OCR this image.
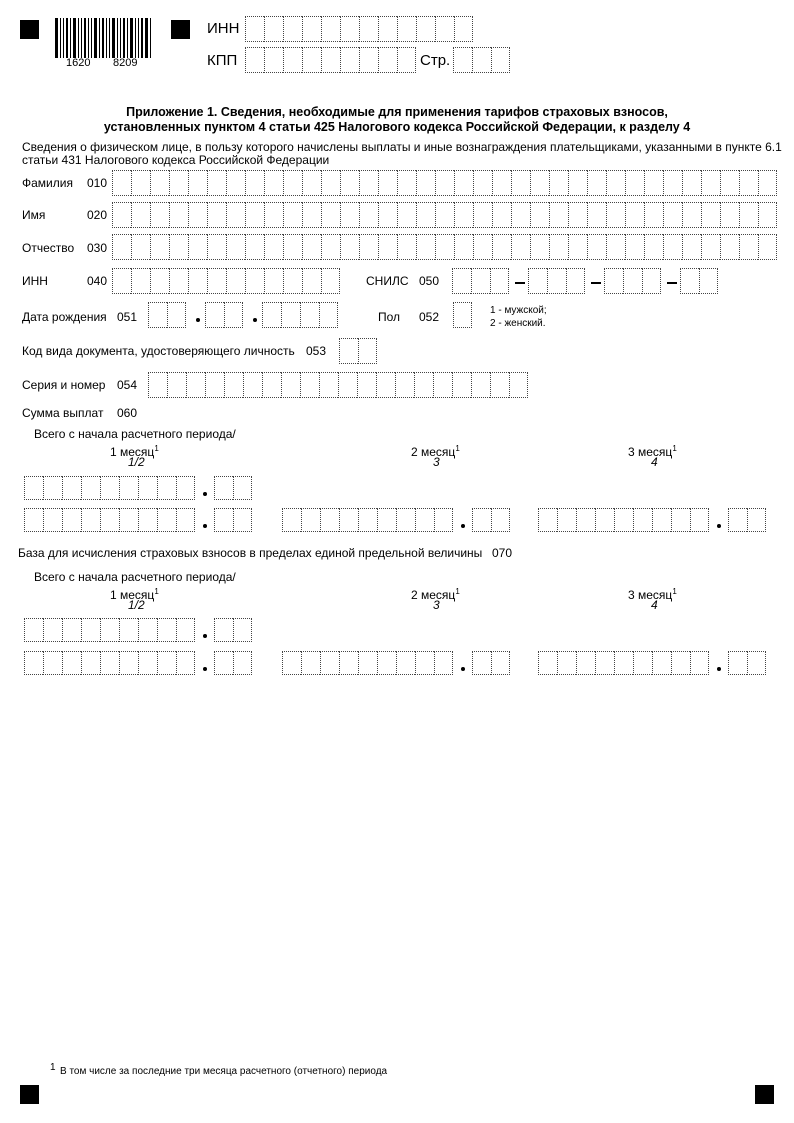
1620 8209
ИНН
КПП	Стр.
Приложение 1. Сведения, необходимые для применения тарифов страховых взносов,
установленных пунктом 4 статьи 425 Налогового кодекса Российской Федерации, к разделу 4
Сведения о физическом лице, в пользу которого начислены выплаты и иные вознаграждения плательщиками, указанными в пункте 6.1
статьи 431 Налогового кодекса Российской Федерации
Фамилия 010
Имя	020
Отчество 030
ИНН	040	СНИЛС 050
Дата рождения 051	Пол 052	1 - мужской;
2 - женский.
Код вида документа, удостоверяющего личность 053
Серия и номер 054
Сумма выплат 060
Всего с начала расчетного периода/
1 месяц$^1$
1/2
2 месяц$^1$
3
3 месяц$^1$
4
База для исчисления страховых взносов в пределах единой предельной величины 070
Всего с начала расчетного периода/
1 месяц$^1$
1/2
2 месяц$^1$
3
3 месяц$^1$
4
1 В том числе за последние три месяца расчетного (отчетного) периода
